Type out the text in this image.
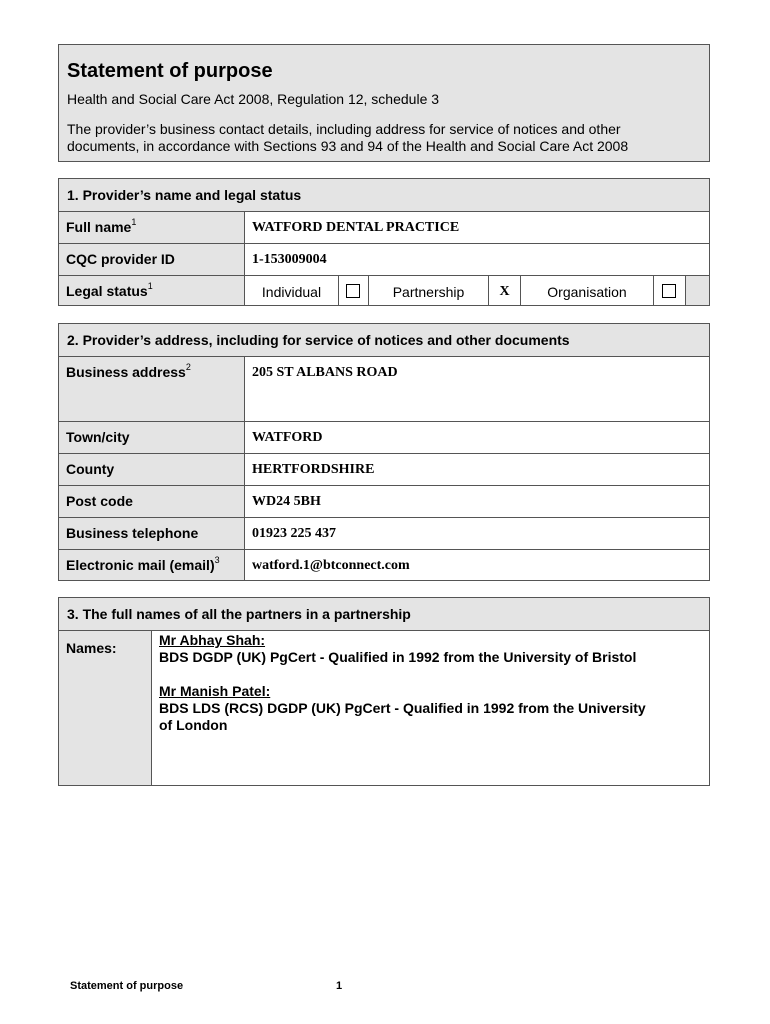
Statement of purpose
Health and Social Care Act 2008, Regulation 12, schedule 3
The provider’s business contact details, including address for service of notices and other
documents, in accordance with Sections 93 and 94 of the Health and Social Care Act 2008
1. Provider’s name and legal status
Full name$^1$	WATFORD DENTAL PRACTICE
CQC provider ID	1-153009004
Legal status$^1$	Individual	Partnership	X	Organisation
2. Provider’s address, including for service of notices and other documents
Business address$^2$	205 ST ALBANS ROAD
Town/city	WATFORD
County	HERTFORDSHIRE
Post code	WD24 5BH
Business telephone	01923 225 437
Electronic mail (email)$^3$	watford.1@btconnect.com
3. The full names of all the partners in a partnership
Names:	Mr Abhay Shah:
BDS DGDP (UK) PgCert - Qualified in 1992 from the University of Bristol
Mr Manish Patel:
BDS LDS (RCS) DGDP (UK) PgCert - Qualified in 1992 from the University
of London
Statement of purpose	1
